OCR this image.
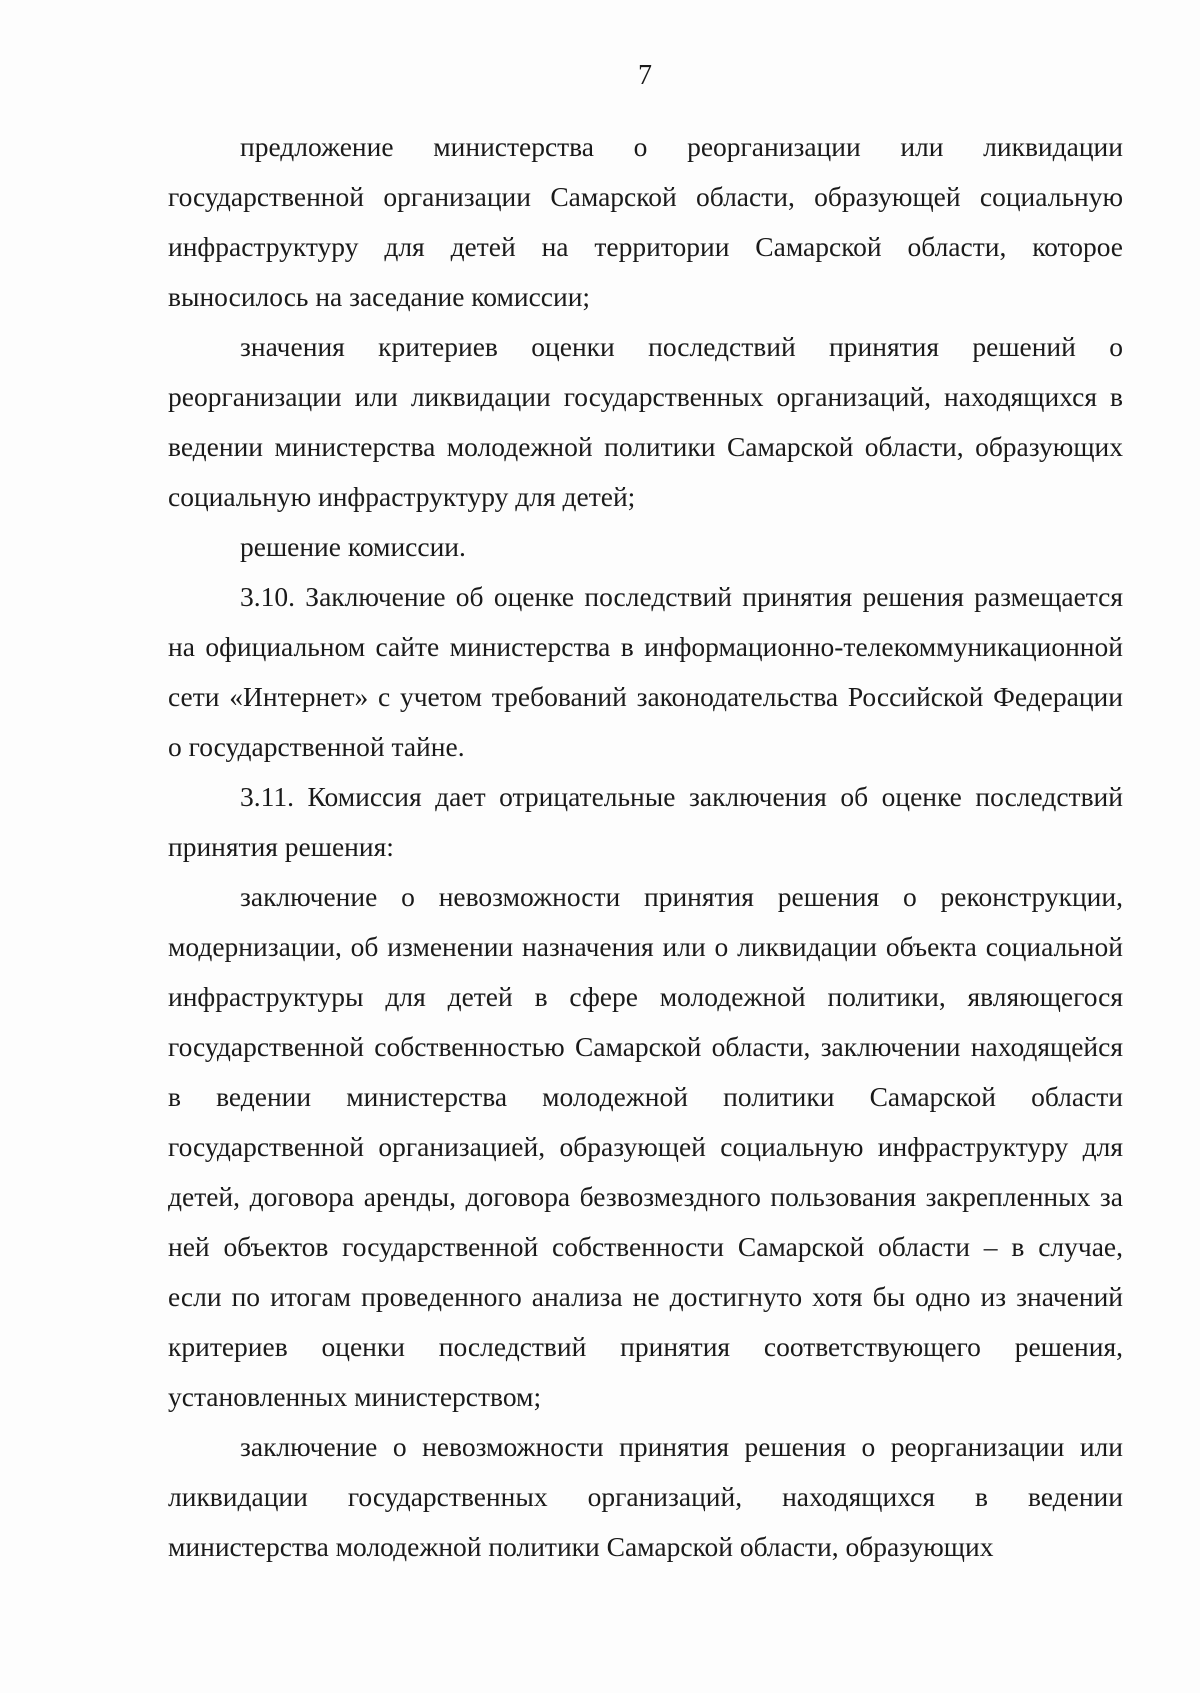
7

предложение министерства о реорганизации или ликвидации государственной организации Самарской области, образующей социальную инфраструктуру для детей на территории Самарской области, которое выносилось на заседание комиссии;

значения критериев оценки последствий принятия решений о реорганизации или ликвидации государственных организаций, находящихся в ведении министерства молодежной политики Самарской области, образующих социальную инфраструктуру для детей;

решение комиссии.

3.10. Заключение об оценке последствий принятия решения размещается на официальном сайте министерства в информационно-телекоммуникационной сети «Интернет» с учетом требований законодательства Российской Федерации о государственной тайне.

3.11. Комиссия дает отрицательные заключения об оценке последствий принятия решения:

заключение о невозможности принятия решения о реконструкции, модернизации, об изменении назначения или о ликвидации объекта социальной инфраструктуры для детей в сфере молодежной политики, являющегося государственной собственностью Самарской области, заключении находящейся в ведении министерства молодежной политики Самарской области государственной организацией, образующей социальную инфраструктуру для детей, договора аренды, договора безвозмездного пользования закрепленных за ней объектов государственной собственности Самарской области – в случае, если по итогам проведенного анализа не достигнуто хотя бы одно из значений критериев оценки последствий принятия соответствующего решения, установленных министерством;

заключение о невозможности принятия решения о реорганизации или ликвидации государственных организаций, находящихся в ведении министерства молодежной политики Самарской области, образующих
